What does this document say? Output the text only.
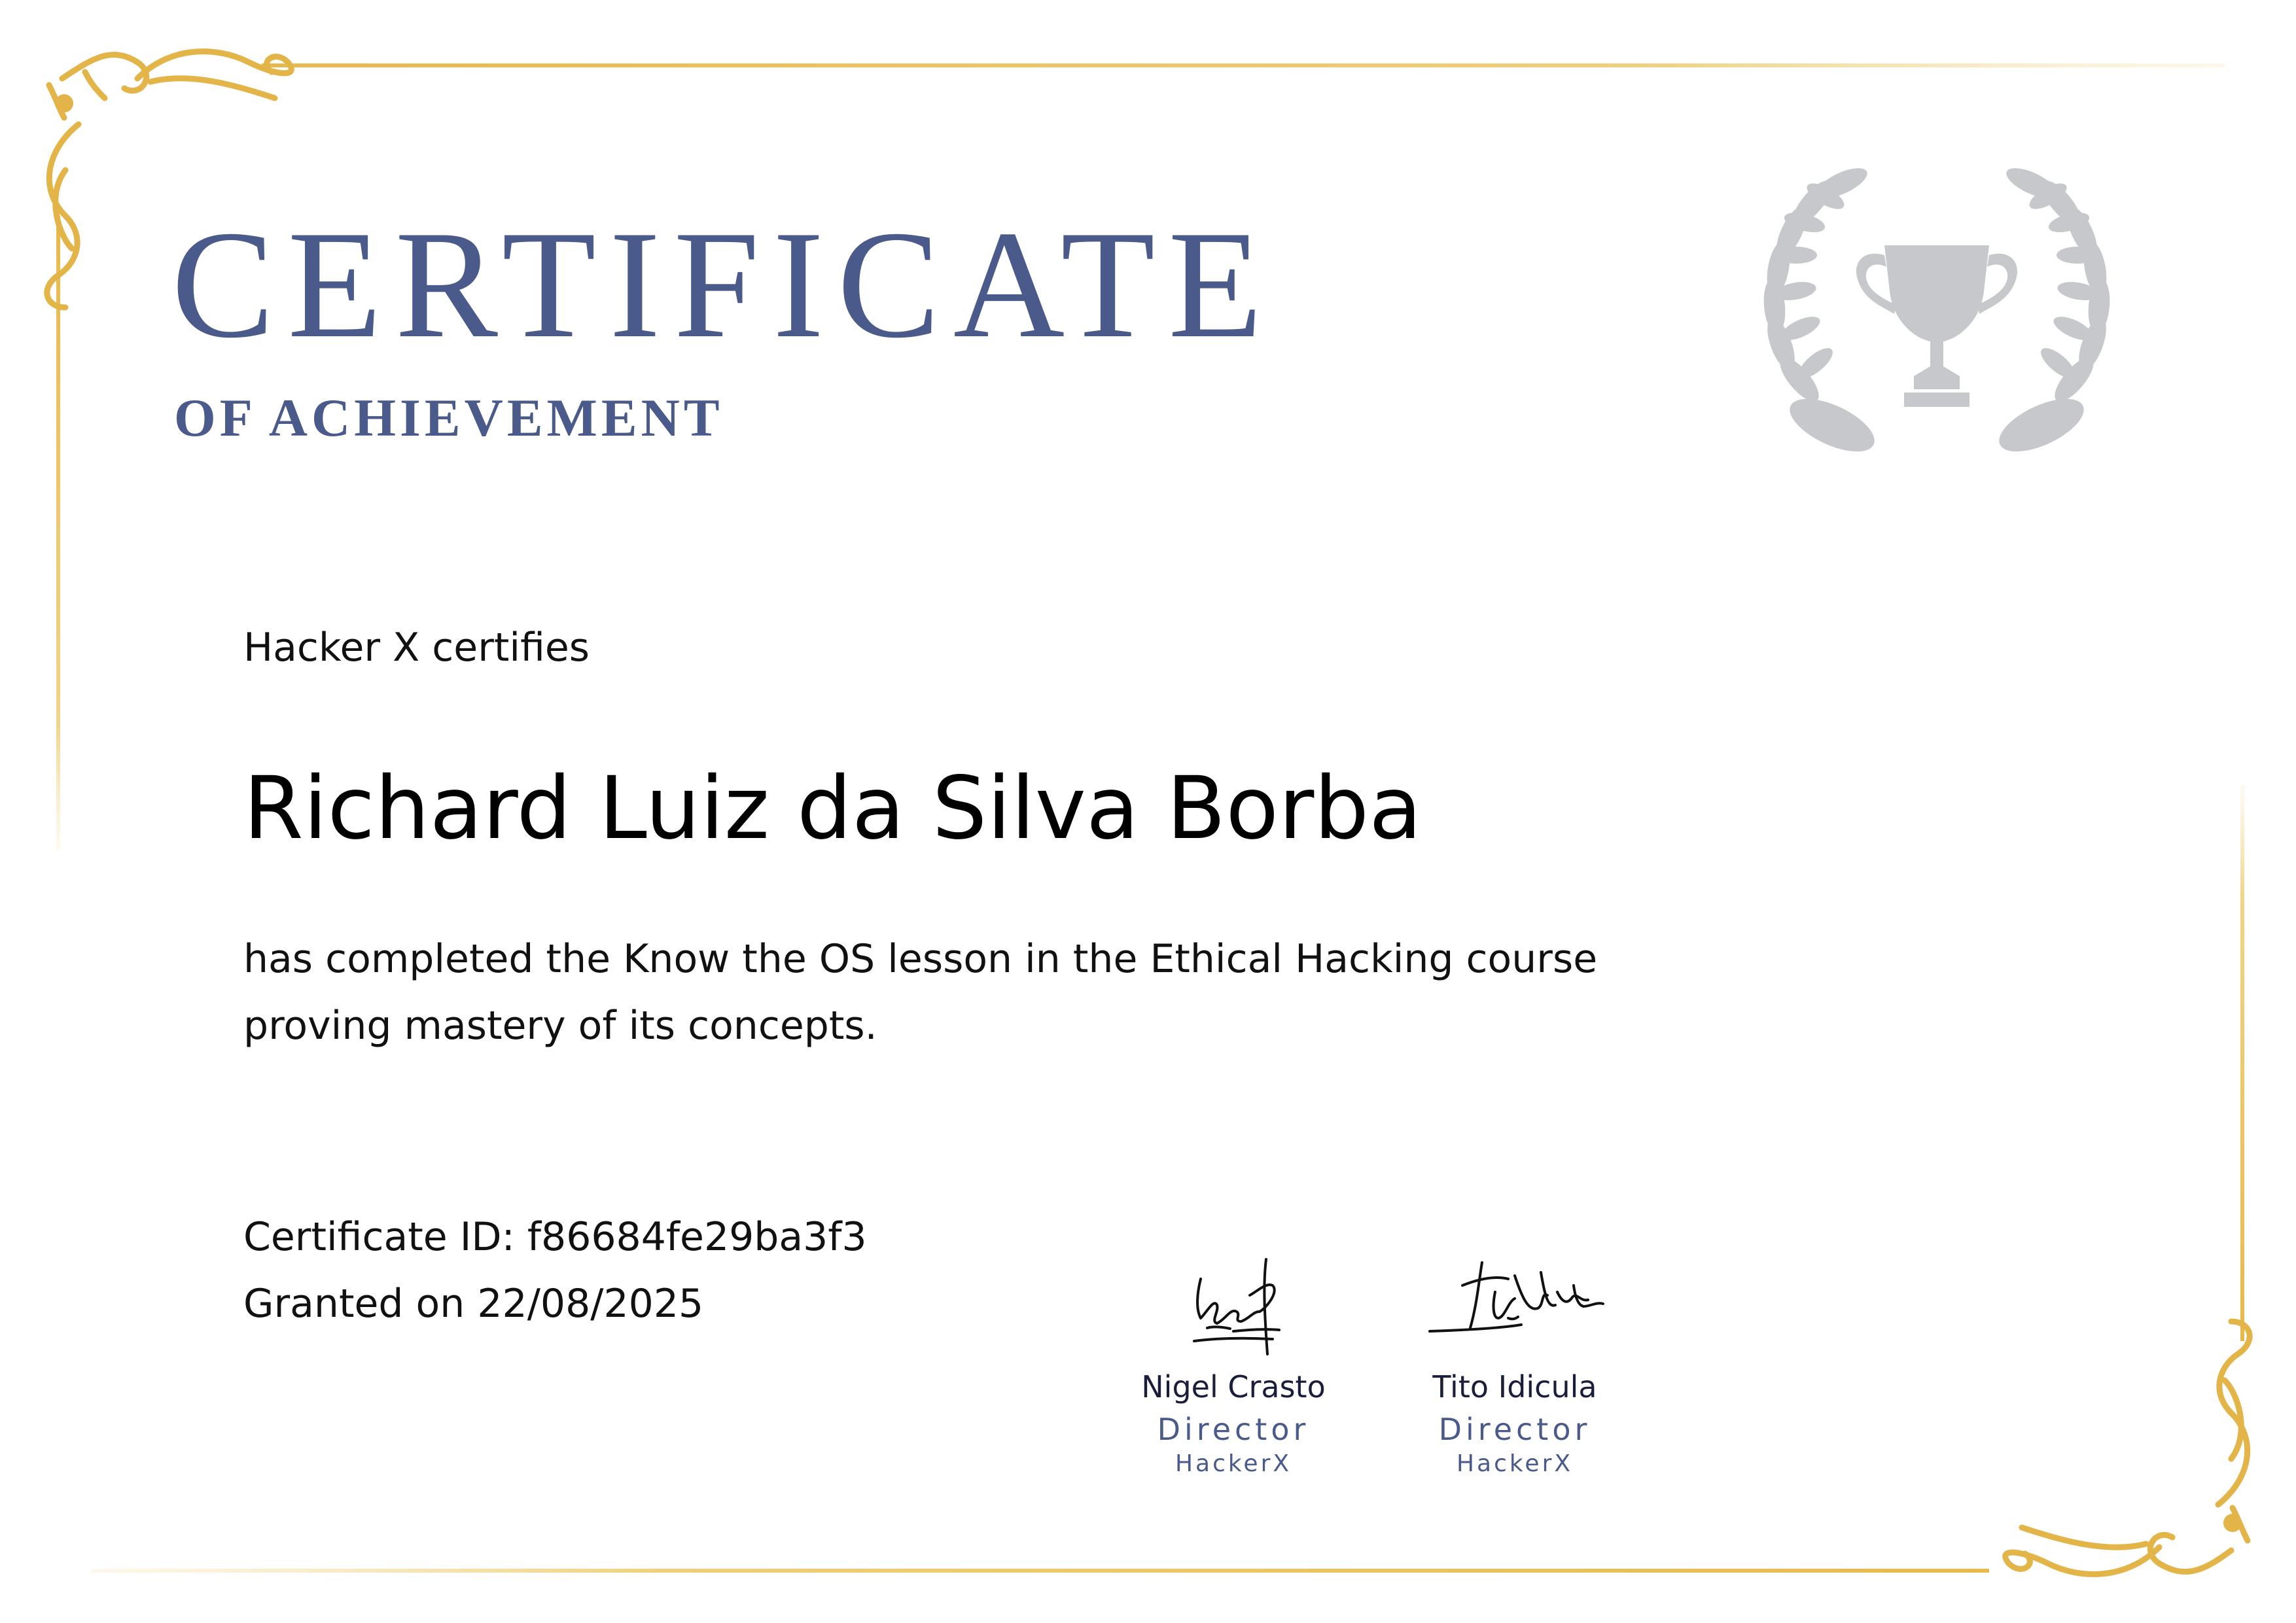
CERTIFICATE
OF ACHIEVEMENT
Hacker X certifies
Richard Luiz da Silva Borba
has completed the Know the OS lesson in the Ethical Hacking course
proving mastery of its concepts.
Certificate ID: f86684fe29ba3f3
Granted on 22/08/2025
Nigel Crasto
Director
HackerX
Tito Idicula
Director
HackerX
